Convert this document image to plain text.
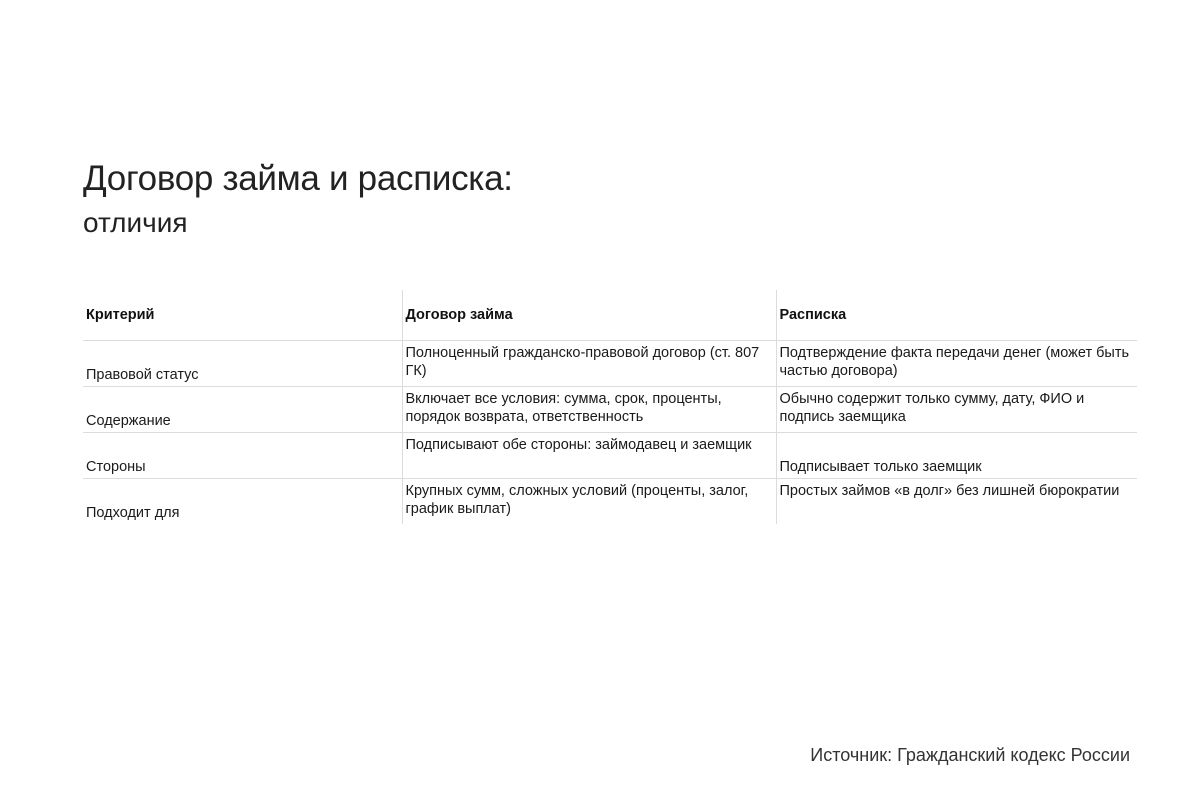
Договор займа и расписка:
отличия
Критерий	Договор займа	Расписка
Правовой статус	Полноценный гражданско-правовой договор (ст. 807 ГК)	Подтверждение факта передачи денег (может быть частью договора)
Содержание	Включает все условия: сумма, срок, проценты, порядок возврата, ответственность	Обычно содержит только сумму, дату, ФИО и подпись заемщика
Стороны	Подписывают обе стороны: займодавец и заемщик	Подписывает только заемщик
Подходит для	Крупных сумм, сложных условий (проценты, залог, график выплат)	Простых займов «в долг» без лишней бюрократии
Источник: Гражданский кодекс России
